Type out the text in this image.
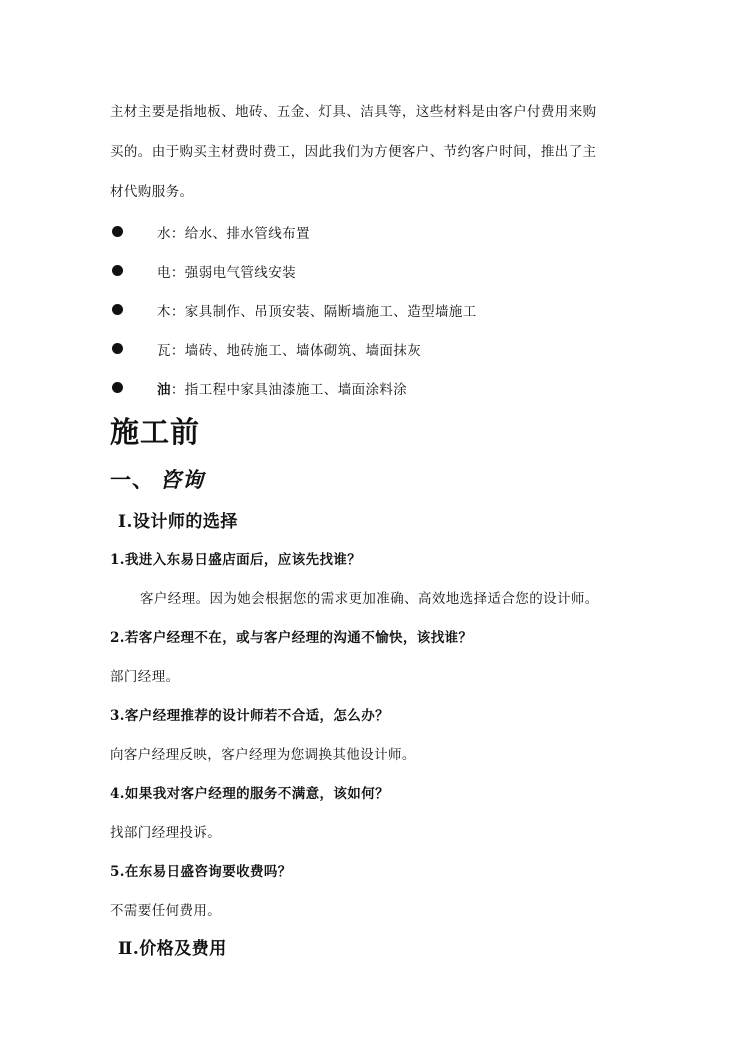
主材主要是指地板、地砖、五金、灯具、洁具等，这些材料是由客户付费用来购

买的。由于购买主材费时费工，因此我们为方便客户、节约客户时间，推出了主

材代购服务。

水 ：给水、排水管线布置
电 ：强弱电气管线安装
木 ：家具制作、吊顶安装、隔断墙施工、造型墙施工
瓦 ：墙砖、地砖施工、墙体砌筑、墙面抹灰
油 ：指工程中家具油漆施工、墙面涂料涂
施工前
一、 咨询
Ⅰ.设计师的选择

1.我进入东易日盛店面后，应该先找谁？

客户经理。因为她会根据您的需求更加准确、高效地选择适合您的设计师。

2.若客户经理不在，或与客户经理的沟通不愉快，该找谁？

部门经理。

3.客户经理推荐的设计师若不合适，怎么办？

向客户经理反映，客户经理为您调换其他设计师。

4.如果我对客户经理的服务不满意，该如何？

找部门经理投诉。

5.在东易日盛咨询要收费吗？

不需要任何费用。

Ⅱ.价格及费用
